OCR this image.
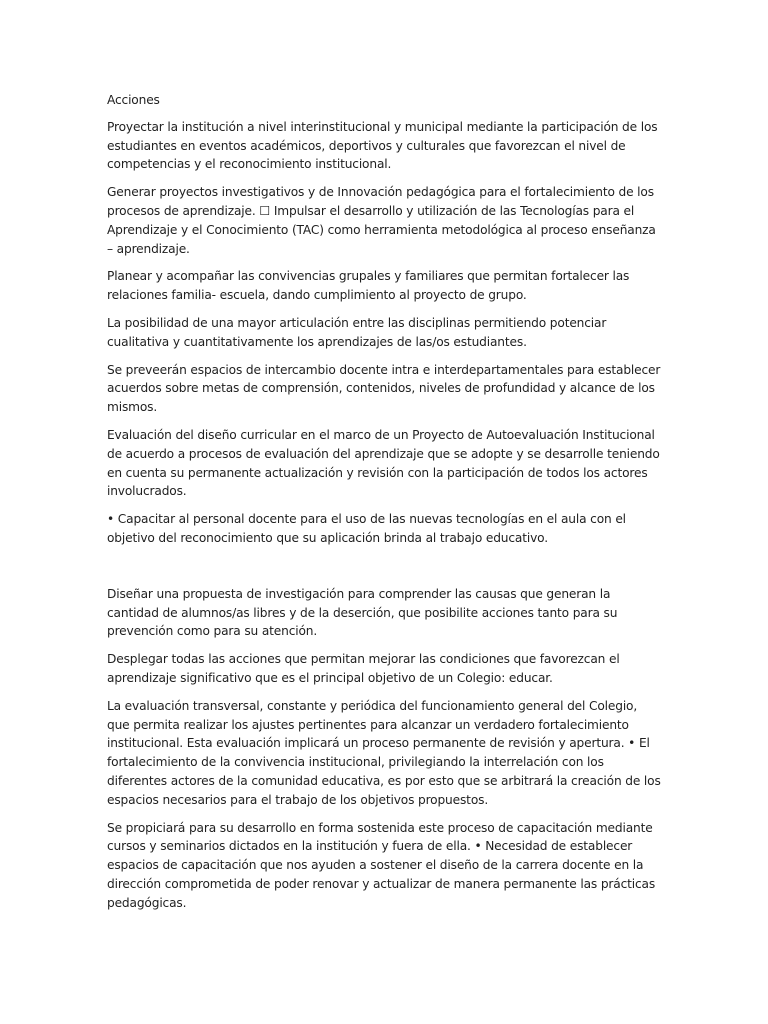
Acciones

Proyectar la institución a nivel interinstitucional y municipal mediante la participación de los estudiantes en eventos académicos, deportivos y culturales que favorezcan el nivel de competencias y el reconocimiento institucional.

Generar proyectos investigativos y de Innovación pedagógica para el fortalecimiento de los procesos de aprendizaje. ☐ Impulsar el desarrollo y utilización de las Tecnologías para el Aprendizaje y el Conocimiento (TAC) como herramienta metodológica al proceso enseñanza – aprendizaje.

Planear y acompañar las convivencias grupales y familiares que permitan fortalecer las relaciones familia- escuela, dando cumplimiento al proyecto de grupo.

La posibilidad de una mayor articulación entre las disciplinas permitiendo potenciar cualitativa y cuantitativamente los aprendizajes de las/os estudiantes.

Se preveerán espacios de intercambio docente intra e interdepartamentales para establecer acuerdos sobre metas de comprensión, contenidos, niveles de profundidad y alcance de los mismos.

Evaluación del diseño curricular en el marco de un Proyecto de Autoevaluación Institucional de acuerdo a procesos de evaluación del aprendizaje que se adopte y se desarrolle teniendo en cuenta su permanente actualización y revisión con la participación de todos los actores involucrados.

• Capacitar al personal docente para el uso de las nuevas tecnologías en el aula con el objetivo del reconocimiento que su aplicación brinda al trabajo educativo.

Diseñar una propuesta de investigación para comprender las causas que generan la cantidad de alumnos/as libres y de la deserción, que posibilite acciones tanto para su prevención como para su atención.

Desplegar todas las acciones que permitan mejorar las condiciones que favorezcan el aprendizaje significativo que es el principal objetivo de un Colegio: educar.

La evaluación transversal, constante y periódica del funcionamiento general del Colegio, que permita realizar los ajustes pertinentes para alcanzar un verdadero fortalecimiento institucional. Esta evaluación implicará un proceso permanente de revisión y apertura. • El fortalecimiento de la convivencia institucional, privilegiando la interrelación con los diferentes actores de la comunidad educativa, es por esto que se arbitrará la creación de los espacios necesarios para el trabajo de los objetivos propuestos.

Se propiciará para su desarrollo en forma sostenida este proceso de capacitación mediante cursos y seminarios dictados en la institución y fuera de ella. • Necesidad de establecer espacios de capacitación que nos ayuden a sostener el diseño de la carrera docente en la dirección comprometida de poder renovar y actualizar de manera permanente las prácticas pedagógicas.
